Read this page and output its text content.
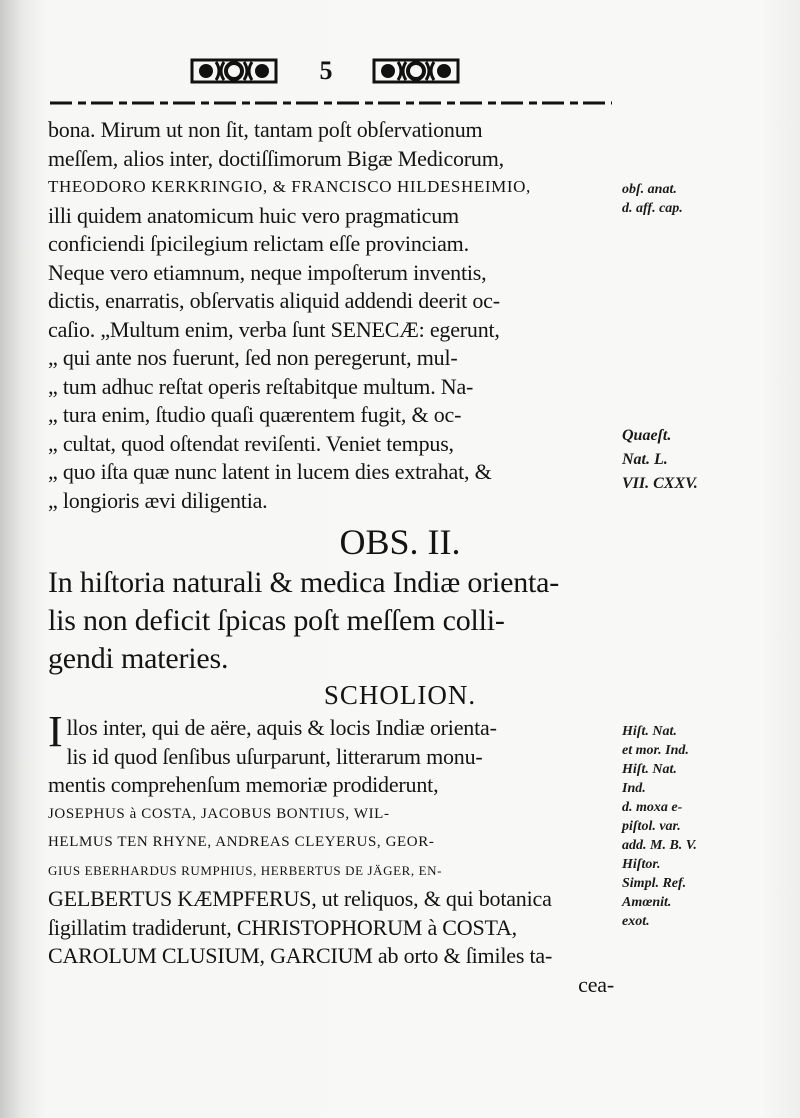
5
bona. Mirum ut non ſit, tantam poſt obſervationum
meſſem, alios inter, doctiſſimorum Bigæ Medicorum,
THEODORO KERKRINGIO, & FRANCISCO HILDESHEIMIO,
illi quidem anatomicum huic vero pragmaticum
conficiendi ſpicilegium relictam eſſe provinciam.
Neque vero etiamnum, neque impoſterum inventis,
dictis, enarratis, obſervatis aliquid addendi deerit oc-
caſio. „Multum enim, verba ſunt SENECÆ: egerunt,
„ qui ante nos fuerunt, ſed non peregerunt, mul-
„ tum adhuc reſtat operis reſtabitque multum. Na-
„ tura enim, ſtudio quaſi quærentem fugit, & oc-
„ cultat, quod oſtendat reviſenti. Veniet tempus,
„ quo iſta quæ nunc latent in lucem dies extrahat, &
„ longioris ævi diligentia.
OBS. II.
In hiſtoria naturali & medica Indiæ orienta-
lis non deficit ſpicas poſt meſſem colli-
gendi materies.
SCHOLION.
Illos inter, qui de aëre, aquis & locis Indiæ orienta-
lis id quod ſenſibus uſurparunt, litterarum monu-
mentis comprehenſum memoriæ prodiderunt,
JOSEPHUS à COSTA, JACOBUS BONTIUS, WIL-
HELMUS TEN RHYNE, ANDREAS CLEYERUS, GEOR-
GIUS EBERHARDUS RUMPHIUS, HERBERTUS DE JÄGER, EN-
GELBERTUS KÆMPFERUS, ut reliquos, & qui botanica
ſigillatim tradiderunt, CHRISTOPHORUM à COSTA,
CAROLUM CLUSIUM, GARCIUM ab orto & ſimiles ta-
cea-
obſ. anat.
d. aff. cap.
Quaeſt.
Nat. L.
VII. CXXV.
Hiſt. Nat.
et mor. Ind.
Hiſt. Nat.
Ind.
d. moxa e-
piſtol. var.
add. M. B. V.
Hiſtor.
Simpl. Ref.
Amœnit.
exot.
